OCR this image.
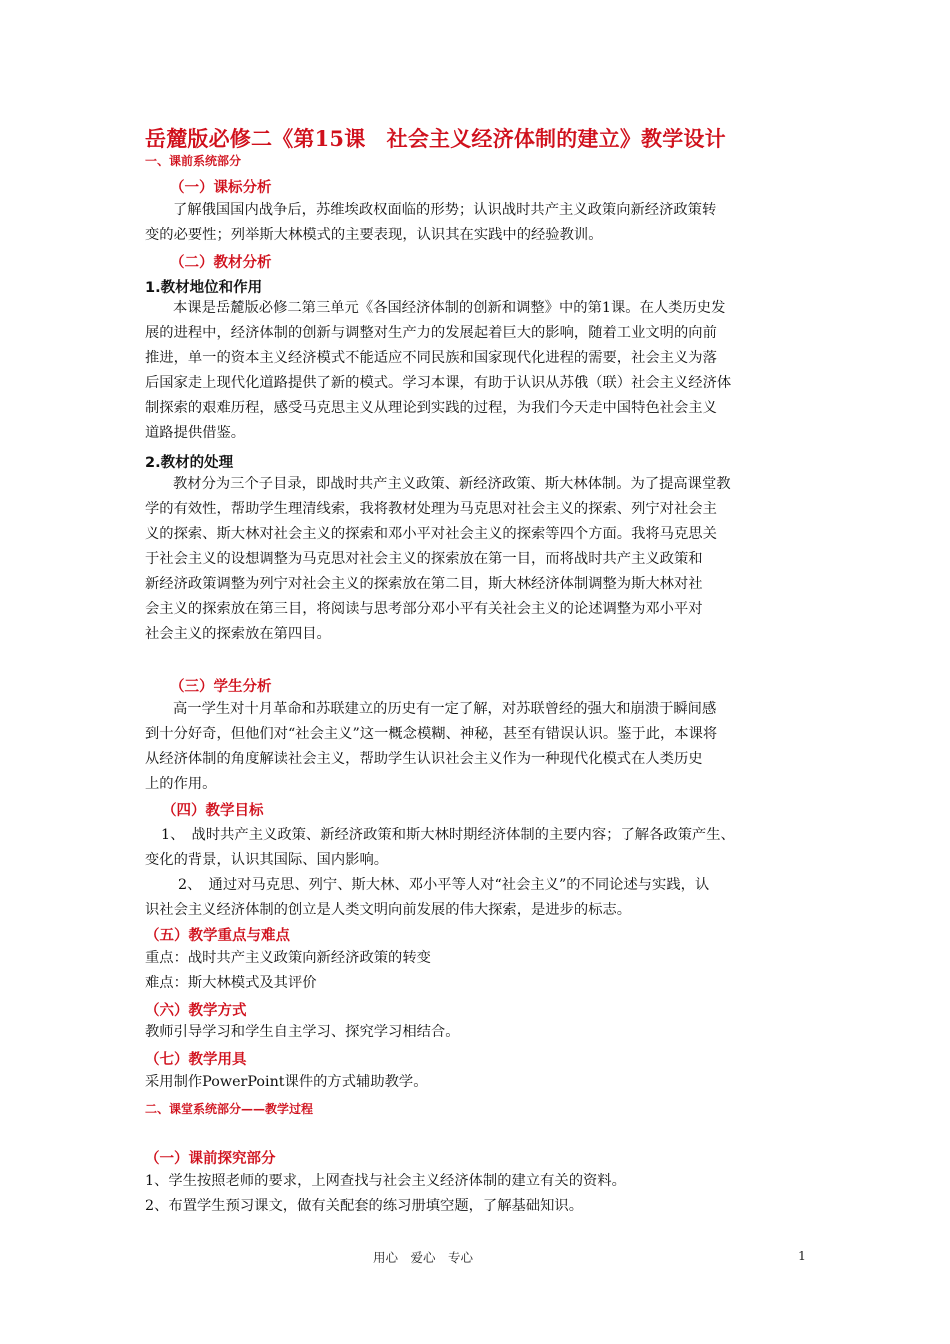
岳麓版必修二《第15课　社会主义经济体制的建立》教学设计
一、课前系统部分
（一）课标分析
了解俄国国内战争后，苏维埃政权面临的形势；认识战时共产主义政策向新经济政策转
变的必要性；列举斯大林模式的主要表现，认识其在实践中的经验教训。
（二）教材分析
1.教材地位和作用
本课是岳麓版必修二第三单元《各国经济体制的创新和调整》中的第1课。在人类历史发
展的进程中，经济体制的创新与调整对生产力的发展起着巨大的影响，随着工业文明的向前
推进，单一的资本主义经济模式不能适应不同民族和国家现代化进程的需要，社会主义为落
后国家走上现代化道路提供了新的模式。学习本课，有助于认识从苏俄（联）社会主义经济体
制探索的艰难历程，感受马克思主义从理论到实践的过程，为我们今天走中国特色社会主义
道路提供借鉴。
2.教材的处理
教材分为三个子目录，即战时共产主义政策、新经济政策、斯大林体制。为了提高课堂教
学的有效性，帮助学生理清线索，我将教材处理为马克思对社会主义的探索、列宁对社会主
义的探索、斯大林对社会主义的探索和邓小平对社会主义的探索等四个方面。我将马克思关
于社会主义的设想调整为马克思对社会主义的探索放在第一目，而将战时共产主义政策和
新经济政策调整为列宁对社会主义的探索放在第二目，斯大林经济体制调整为斯大林对社
会主义的探索放在第三目，将阅读与思考部分邓小平有关社会主义的论述调整为邓小平对
社会主义的探索放在第四目。
（三）学生分析
高一学生对十月革命和苏联建立的历史有一定了解，对苏联曾经的强大和崩溃于瞬间感
到十分好奇，但他们对“社会主义”这一概念模糊、神秘，甚至有错误认识。鉴于此，本课将
从经济体制的角度解读社会主义，帮助学生认识社会主义作为一种现代化模式在人类历史
上的作用。
（四）教学目标
1、　战时共产主义政策、新经济政策和斯大林时期经济体制的主要内容；了解各政策产生、
变化的背景，认识其国际、国内影响。
2、　通过对马克思、列宁、斯大林、邓小平等人对“社会主义”的不同论述与实践，认
识社会主义经济体制的创立是人类文明向前发展的伟大探索，是进步的标志。
（五）教学重点与难点
重点：战时共产主义政策向新经济政策的转变
难点：斯大林模式及其评价
（六）教学方式
教师引导学习和学生自主学习、探究学习相结合。
（七）教学用具
采用制作PowerPoint课件的方式辅助教学。
二、课堂系统部分——教学过程
（一）课前探究部分
1、学生按照老师的要求，上网查找与社会主义经济体制的建立有关的资料。
2、布置学生预习课文，做有关配套的练习册填空题，了解基础知识。
用心　爱心　专心	1
